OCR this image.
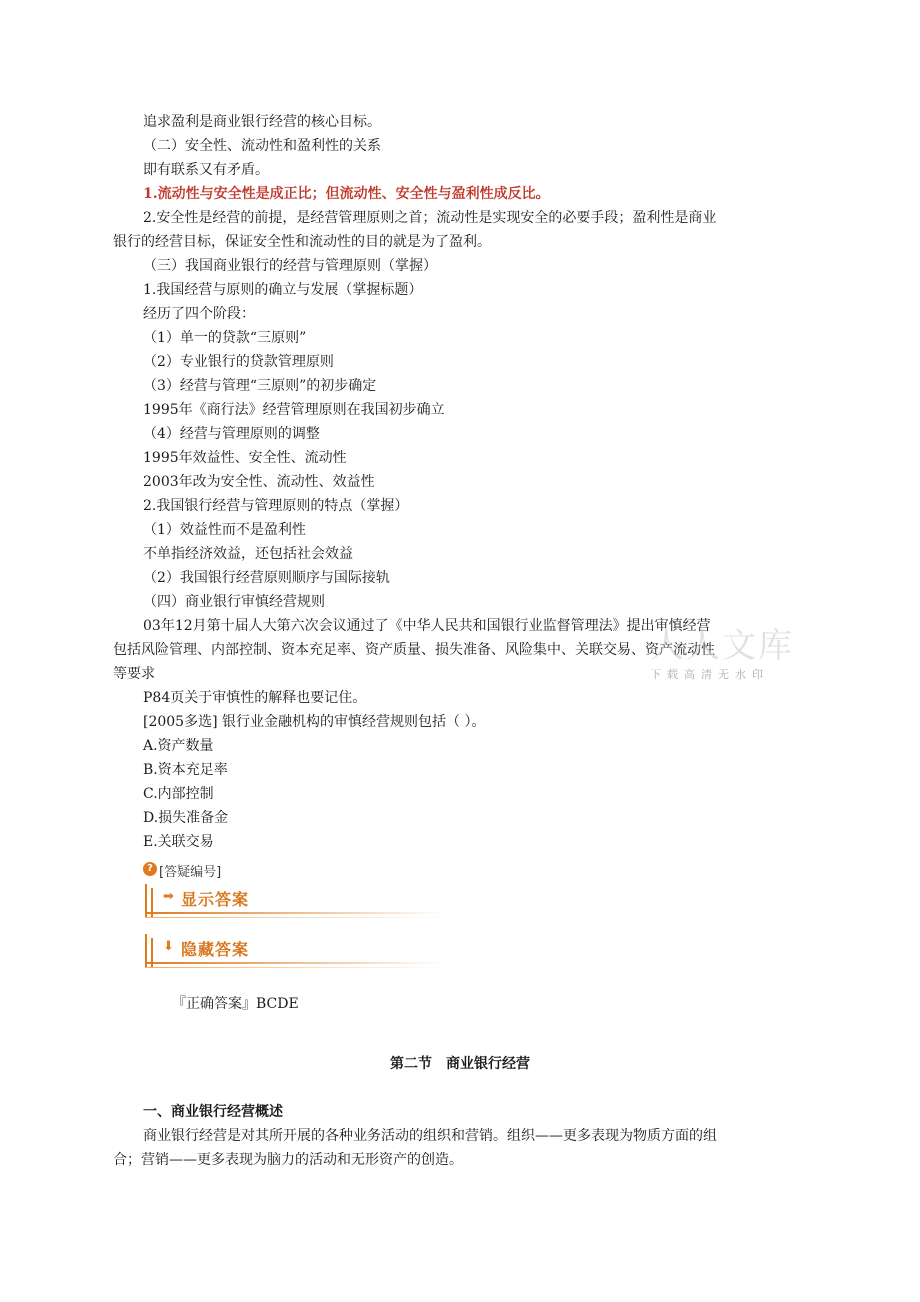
追求盈利是商业银行经营的核心目标。
（二）安全性、流动性和盈利性的关系
即有联系又有矛盾。
1.流动性与安全性是成正比；但流动性、安全性与盈利性成反比。
2.安全性是经营的前提，是经营管理原则之首；流动性是实现安全的必要手段；盈利性是商业
银行的经营目标，保证安全性和流动性的目的就是为了盈利。
（三）我国商业银行的经营与管理原则（掌握）
1.我国经营与原则的确立与发展（掌握标题）
经历了四个阶段：
（1）单一的贷款“三原则”
（2）专业银行的贷款管理原则
（3）经营与管理“三原则”的初步确定
1995年《商行法》经营管理原则在我国初步确立
（4）经营与管理原则的调整
1995年效益性、安全性、流动性
2003年改为安全性、流动性、效益性
2.我国银行经营与管理原则的特点（掌握）
（1）效益性而不是盈利性
不单指经济效益，还包括社会效益
（2）我国银行经营原则顺序与国际接轨
（四）商业银行审慎经营规则
03年12月第十届人大第六次会议通过了《中华人民共和国银行业监督管理法》提出审慎经营
包括风险管理、内部控制、资本充足率、资产质量、损失准备、风险集中、关联交易、资产流动性
等要求
P84页关于审慎性的解释也要记住。
[2005多选] 银行业金融机构的审慎经营规则包括（ ）。
A.资产数量
B.资本充足率
C.内部控制
D.损失准备金
E.关联交易
? [答疑编号]
➡ 显示答案
⬇ 隐藏答案
『正确答案』BCDE
第二节　商业银行经营
一、商业银行经营概述
商业银行经营是对其所开展的各种业务活动的组织和营销。组织——更多表现为物质方面的组
合；营销——更多表现为脑力的活动和无形资产的创造。
人人文库
下载高清无水印
